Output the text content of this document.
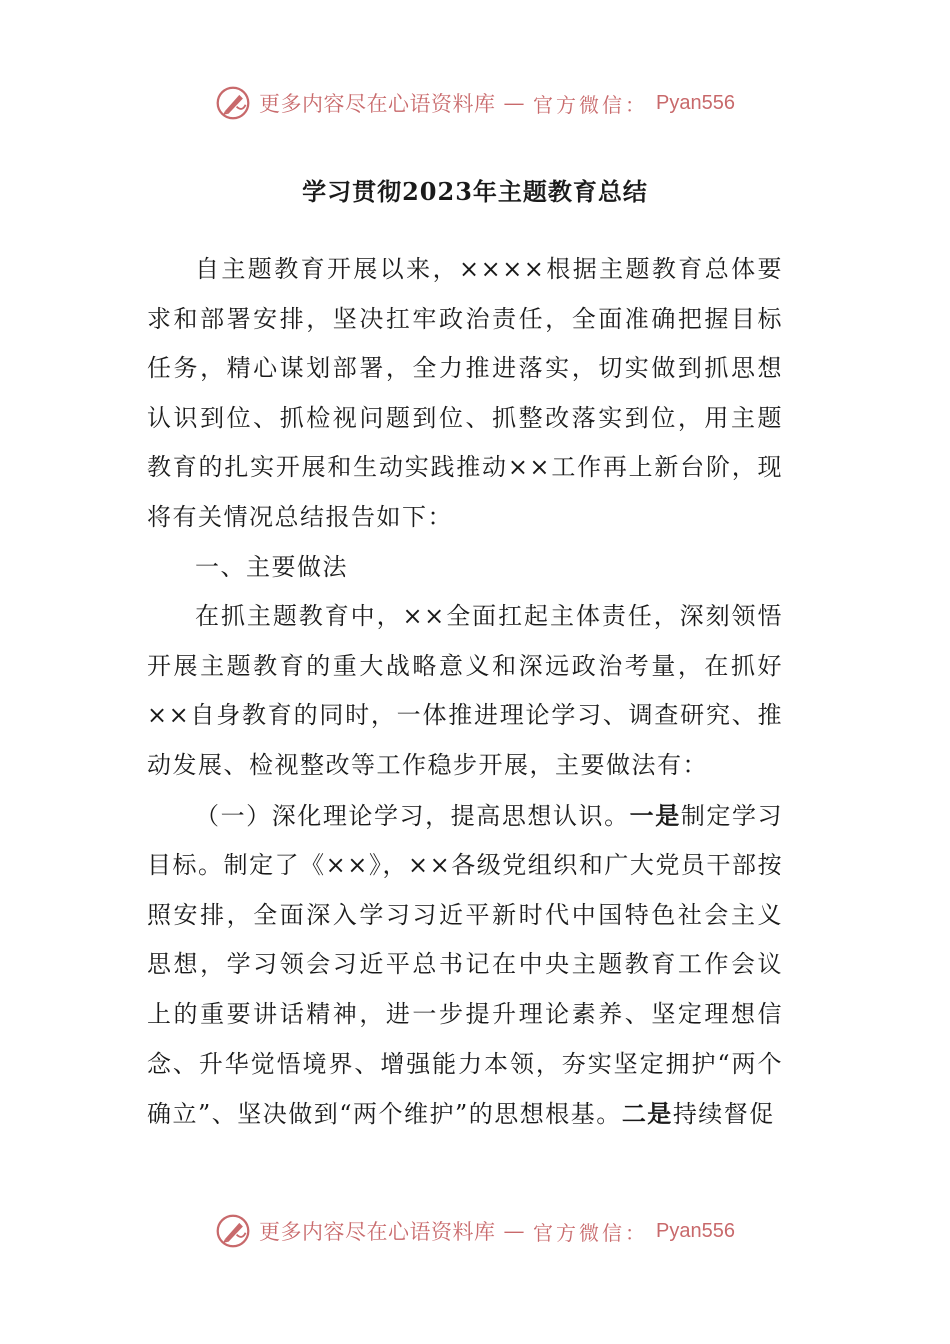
更多内容尽在心语资料库 — 官方微信： Pyan556
学习贯彻2023年主题教育总结

自主题教育开展以来，××××根据主题教育总体要求和部署安排，坚决扛牢政治责任，全面准确把握目标任务，精心谋划部署，全力推进落实，切实做到抓思想认识到位、抓检视问题到位、抓整改落实到位，用主题教育的扎实开展和生动实践推动××工作再上新台阶，现将有关情况总结报告如下：

一、主要做法

在抓主题教育中，××全面扛起主体责任，深刻领悟开展主题教育的重大战略意义和深远政治考量，在抓好××自身教育的同时，一体推进理论学习、调查研究、推动发展、检视整改等工作稳步开展，主要做法有：

（一）深化理论学习，提高思想认识。一是制定学习目标。制定了《××》，××各级党组织和广大党员干部按照安排，全面深入学习习近平新时代中国特色社会主义思想，学习领会习近平总书记在中央主题教育工作会议上的重要讲话精神，进一步提升理论素养、坚定理想信念、升华觉悟境界、增强能力本领，夯实坚定拥护“两个确立”、坚决做到“两个维护”的思想根基。二是持续督促

更多内容尽在心语资料库 — 官方微信： Pyan556
